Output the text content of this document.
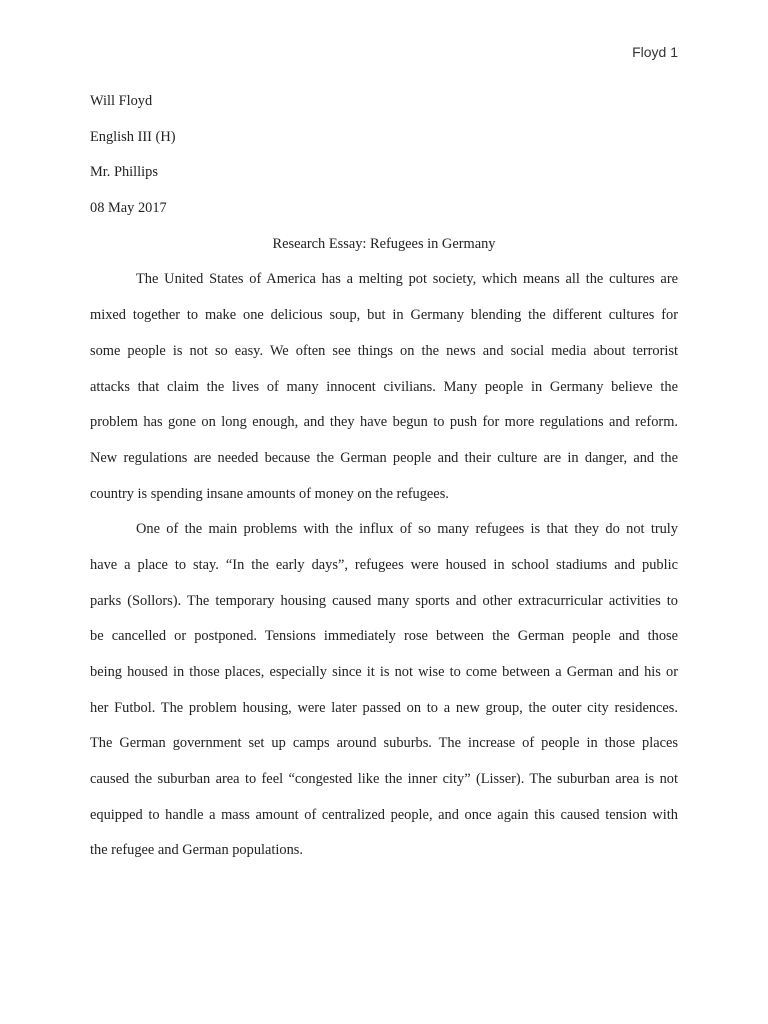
Floyd 1
Will Floyd
English III (H)
Mr. Phillips
08 May 2017
Research Essay: Refugees in Germany
The United States of America has a melting pot society, which means all the cultures are
mixed together to make one delicious soup, but in Germany blending the different cultures for
some people is not so easy. We often see things on the news and social media about terrorist
attacks that claim the lives of many innocent civilians. Many people in Germany believe the
problem has gone on long enough, and they have begun to push for more regulations and reform.
New regulations are needed because the German people and their culture are in danger, and the
country is spending insane amounts of money on the refugees.
One of the main problems with the influx of so many refugees is that they do not truly
have a place to stay. “In the early days”, refugees were housed in school stadiums and public
parks (Sollors). The temporary housing caused many sports and other extracurricular activities to
be cancelled or postponed. Tensions immediately rose between the German people and those
being housed in those places, especially since it is not wise to come between a German and his or
her Futbol. The problem housing, were later passed on to a new group, the outer city residences.
The German government set up camps around suburbs. The increase of people in those places
caused the suburban area to feel “congested like the inner city” (Lisser). The suburban area is not
equipped to handle a mass amount of centralized people, and once again this caused tension with
the refugee and German populations.
